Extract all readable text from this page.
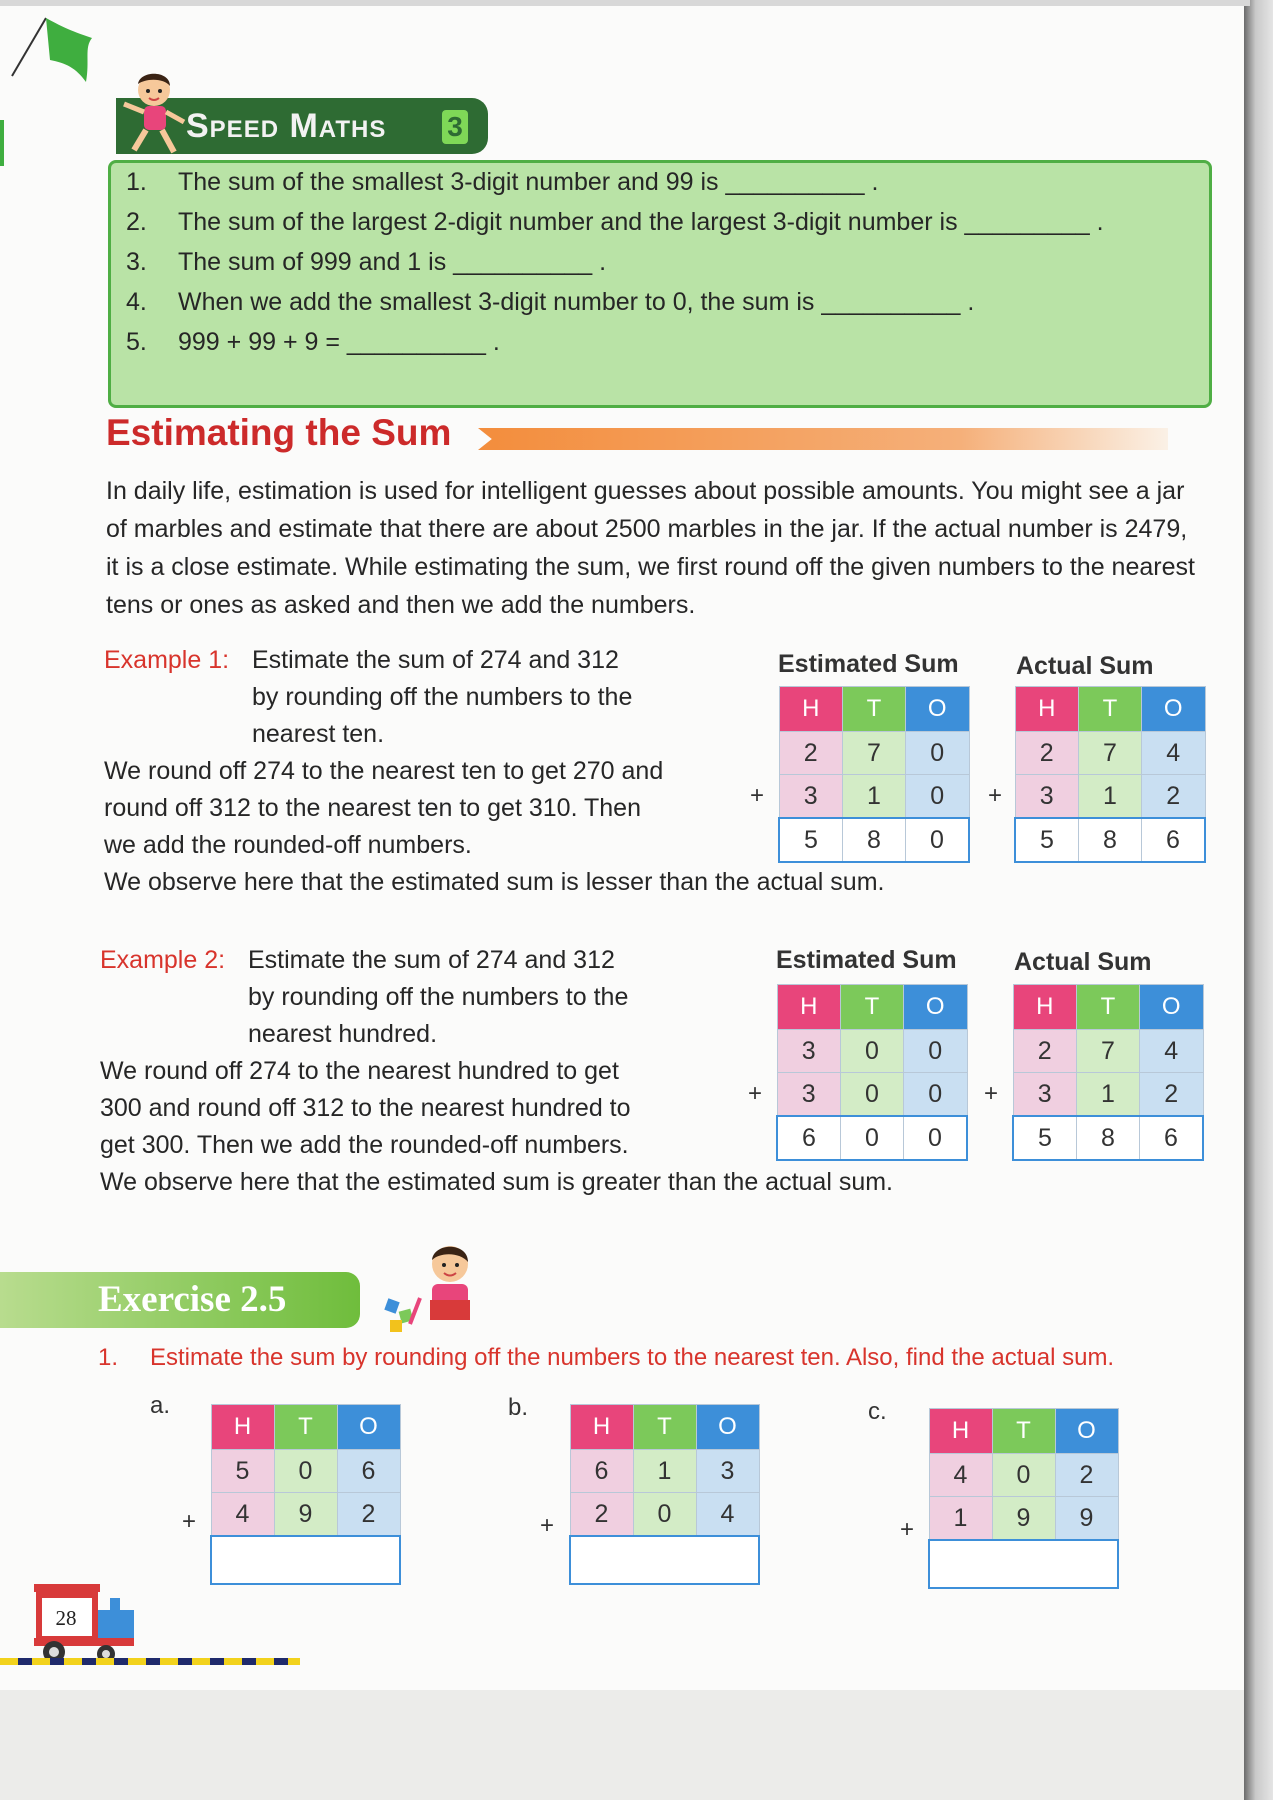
Speed Maths 3
1.	The sum of the smallest 3-digit number and 99 is __________ .
2.	The sum of the largest 2-digit number and the largest 3-digit number is _________ .
3.	The sum of 999 and 1 is __________ .
4.	When we add the smallest 3-digit number to 0, the sum is __________ .
5.	999 + 99 + 9 = __________ .
Estimating the Sum
In daily life, estimation is used for intelligent guesses about possible amounts. You might see a jar of marbles and estimate that there are about 2500 marbles in the jar. If the actual number is 2479, it is a close estimate. While estimating the sum, we first round off the given numbers to the nearest tens or ones as asked and then we add the numbers.
Example 1: Estimate the sum of 274 and 312
by rounding off the numbers to the
nearest ten.
We round off 274 to the nearest ten to get 270 and
round off 312 to the nearest ten to get 310. Then
we add the rounded-off numbers.
We observe here that the estimated sum is lesser than the actual sum.
Estimated Sum Actual Sum
+	+
H	T	O
2	7	0
3	1	0
5	8	0
H	T	O
2	7	4
3	1	2
5	8	6
Example 2: Estimate the sum of 274 and 312
by rounding off the numbers to the
nearest hundred.
We round off 274 to the nearest hundred to get
300 and round off 312 to the nearest hundred to
get 300. Then we add the rounded-off numbers.
We observe here that the estimated sum is greater than the actual sum.
Estimated Sum Actual Sum
+	+
H	T	O
3	0	0
3	0	0
6	0	0
H	T	O
2	7	4
3	1	2
5	8	6
Exercise 2.5
1.	Estimate the sum by rounding off the numbers to the nearest ten. Also, find the actual sum.
a.
+
H	T	O
5	0	6
4	9	2

b.
+
H	T	O
6	1	3
2	0	4

c.
+
H	T	O
4	0	2
1	9	9

28
